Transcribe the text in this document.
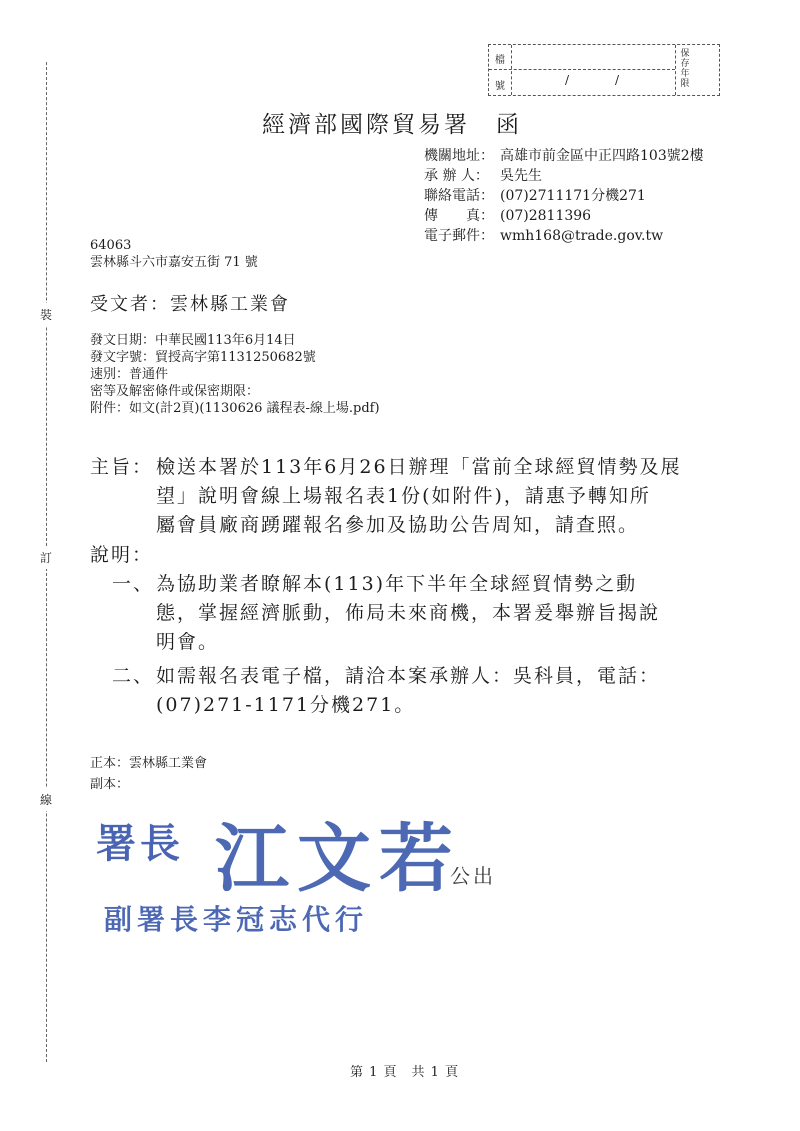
裝
訂
線
檔
號	/	/
保
存
年
限
經濟部國際貿易署　函
機關地址： 高雄市前金區中正四路103號2樓
承 辦 人： 吳先生
聯絡電話： (07)2711171分機271
傳　　真： (07)2811396
電子郵件： wmh168@trade.gov.tw
64063
雲林縣斗六市嘉安五街 71 號
受文者：雲林縣工業會
發文日期：中華民國113年6月14日
發文字號：貿授高字第1131250682號
速別：普通件
密等及解密條件或保密期限：
附件：如文(計2頁)(1130626 議程表-線上場.pdf)
主旨： 檢送本署於113年6月26日辦理「當前全球經貿情勢及展
望」說明會線上場報名表1份(如附件)，請惠予轉知所
屬會員廠商踴躍報名參加及協助公告周知，請查照。
說明：
一、 為協助業者瞭解本(113)年下半年全球經貿情勢之動
態，掌握經濟脈動，佈局未來商機，本署爰舉辦旨揭說
明會。
二、 如需報名表電子檔，請洽本案承辦人：吳科員，電話：
(07)271-1171分機271。
正本：雲林縣工業會
副本：
署長 江文若
公出
副署長李冠志代行
第 1 頁　共 1 頁
